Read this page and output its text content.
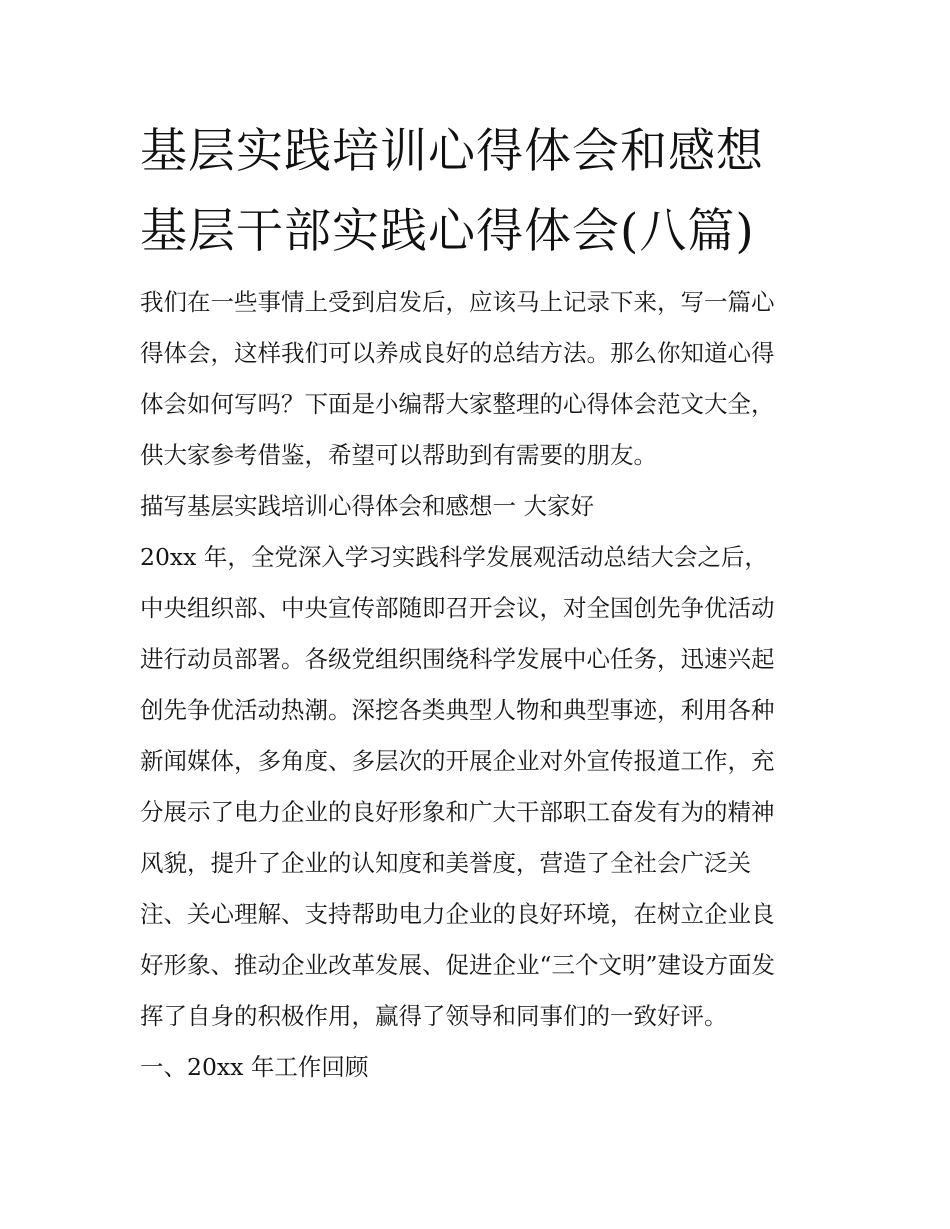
基层实践培训心得体会和感想
基层干部实践心得体会(八篇)
我们在一些事情上受到启发后，应该马上记录下来，写一篇心
得体会，这样我们可以养成良好的总结方法。那么你知道心得
体会如何写吗？下面是小编帮大家整理的心得体会范文大全，
供大家参考借鉴，希望可以帮助到有需要的朋友。
描写基层实践培训心得体会和感想一 大家好
20xx 年，全党深入学习实践科学发展观活动总结大会之后，
中央组织部、中央宣传部随即召开会议，对全国创先争优活动
进行动员部署。各级党组织围绕科学发展中心任务，迅速兴起
创先争优活动热潮。深挖各类典型人物和典型事迹，利用各种
新闻媒体，多角度、多层次的开展企业对外宣传报道工作，充
分展示了电力企业的良好形象和广大干部职工奋发有为的精神
风貌，提升了企业的认知度和美誉度，营造了全社会广泛关
注、关心理解、支持帮助电力企业的良好环境，在树立企业良
好形象、推动企业改革发展、促进企业“三个文明”建设方面发
挥了自身的积极作用，赢得了领导和同事们的一致好评。
一、20xx 年工作回顾
